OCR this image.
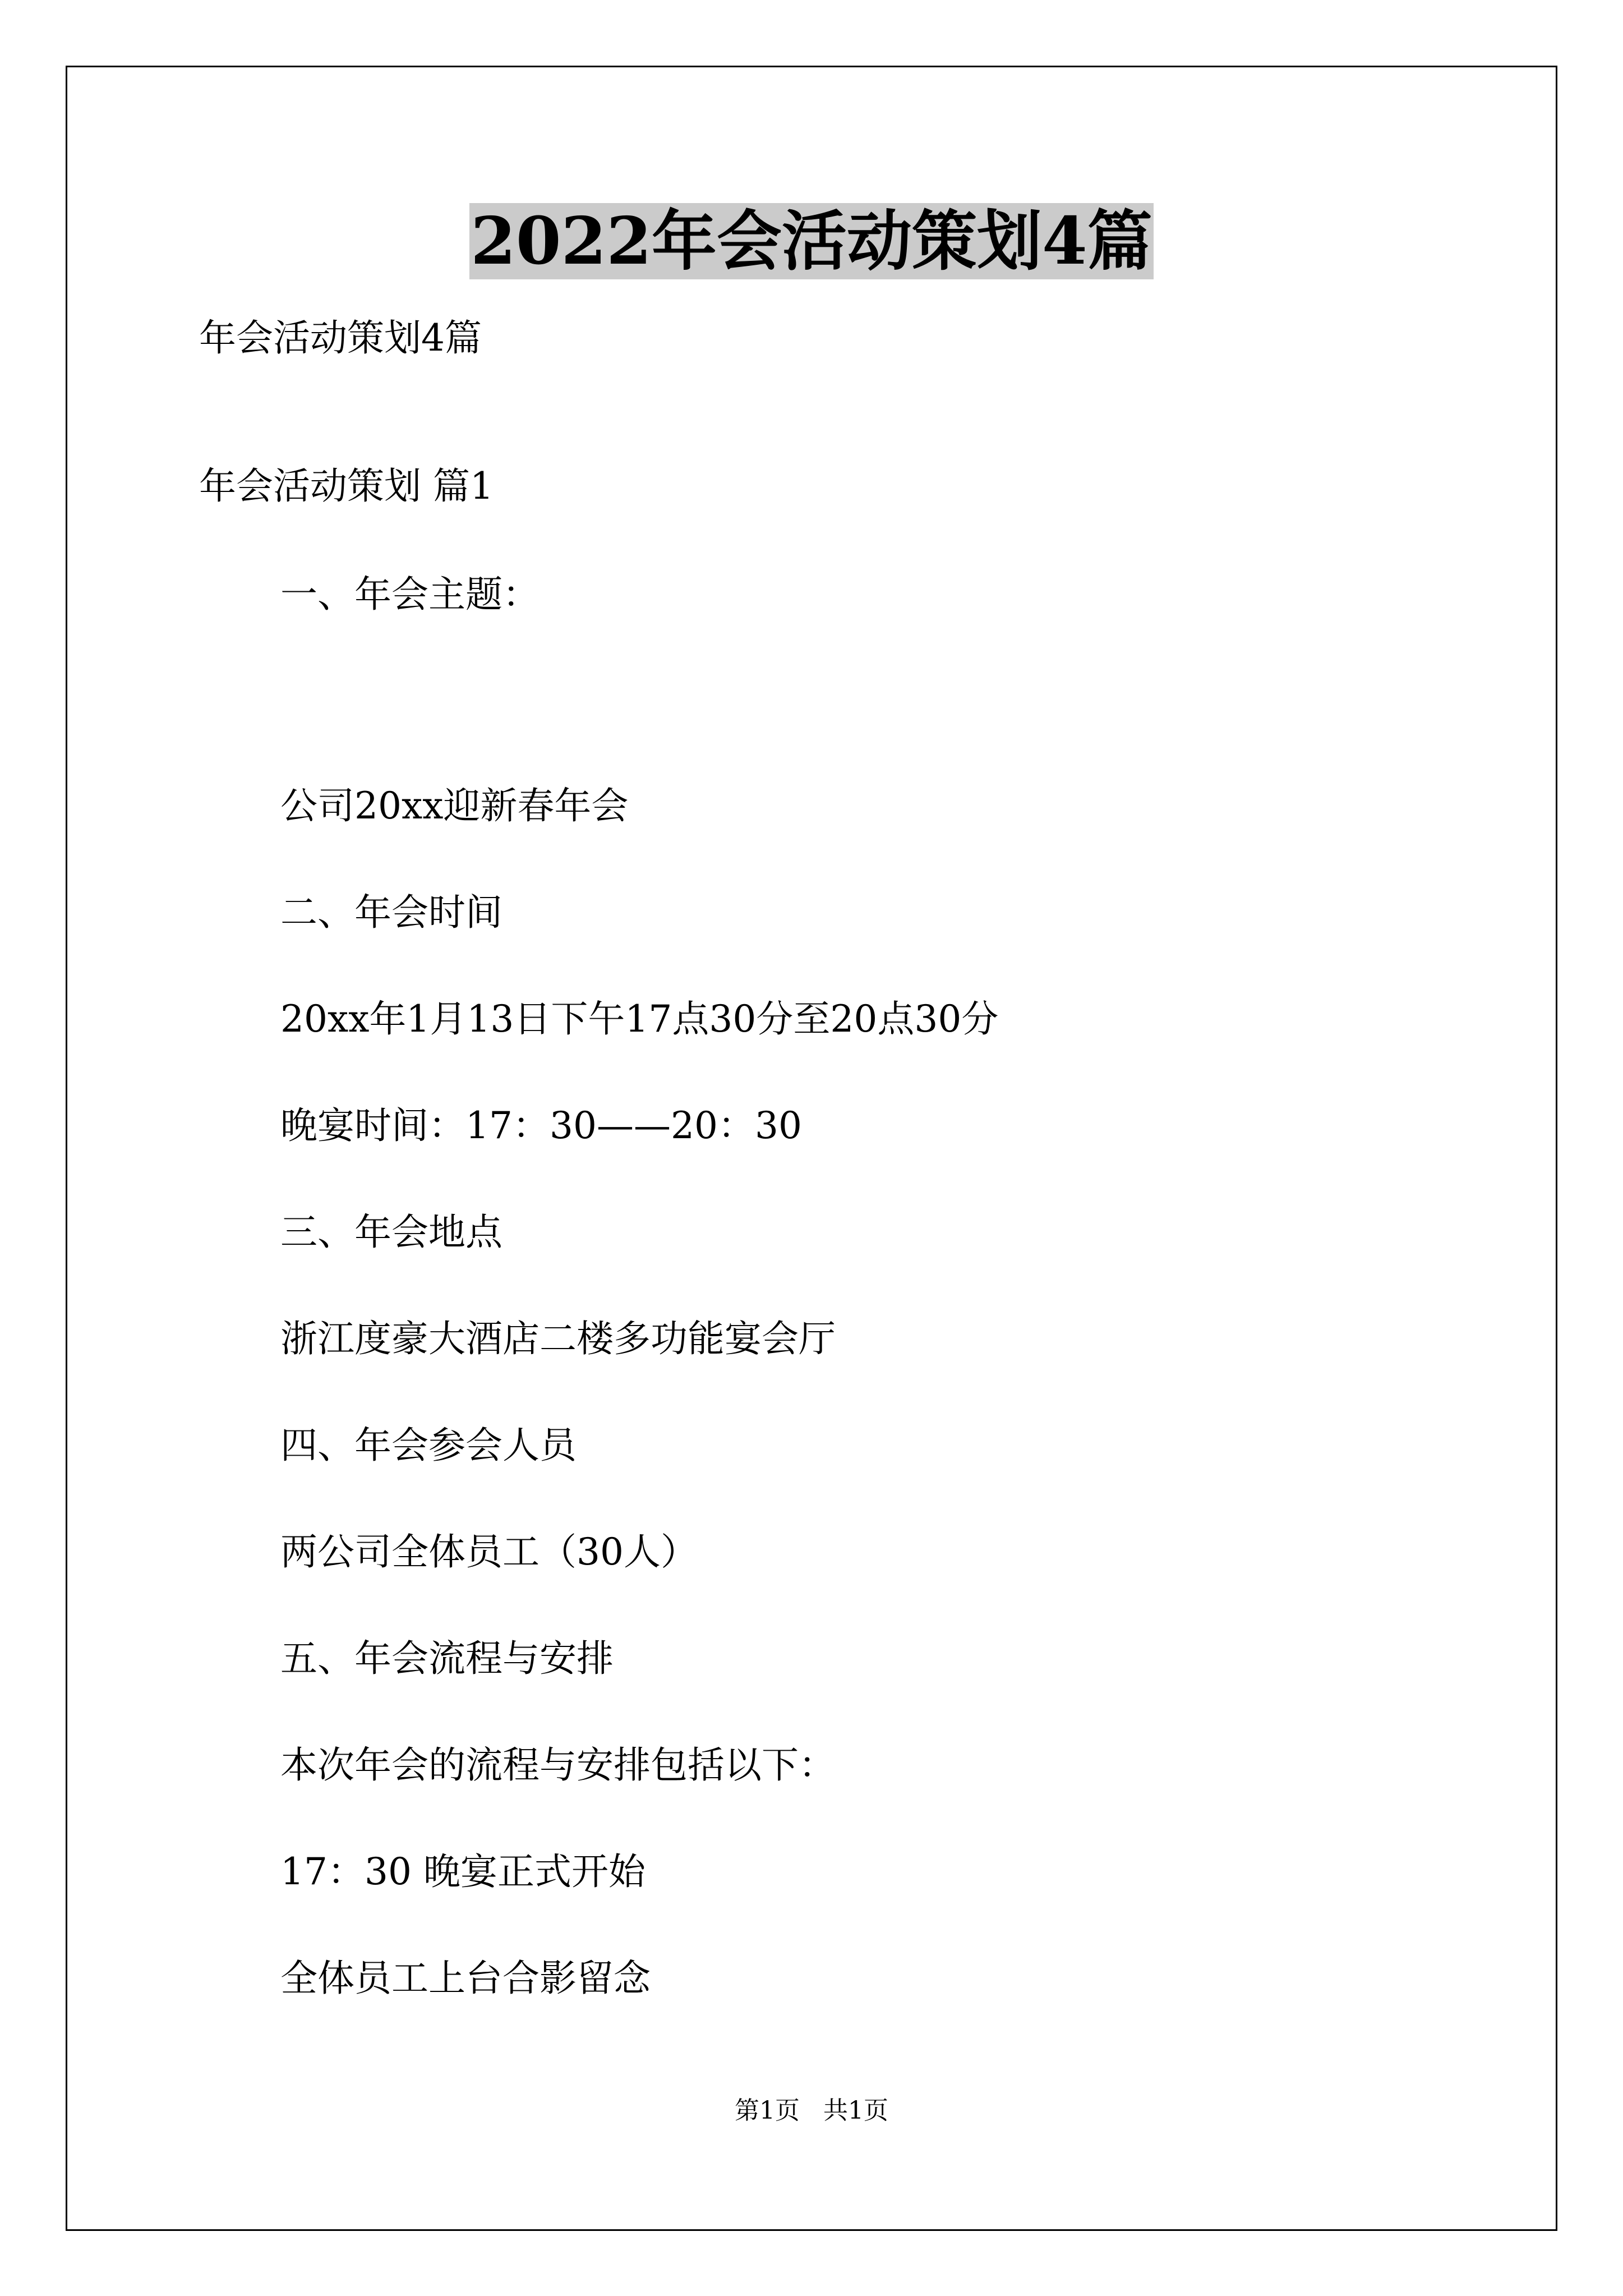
2022年会活动策划4篇

年会活动策划4篇

年会活动策划 篇1

一、年会主题：

公司20xx迎新春年会

二、年会时间

20xx年1月13日下午17点30分至20点30分

晚宴时间：17：30——20：30

三、年会地点

浙江度豪大酒店二楼多功能宴会厅

四、年会参会人员

两公司全体员工（30人）

五、年会流程与安排

本次年会的流程与安排包括以下：

17：30 晚宴正式开始

全体员工上台合影留念

第1页   共1页
